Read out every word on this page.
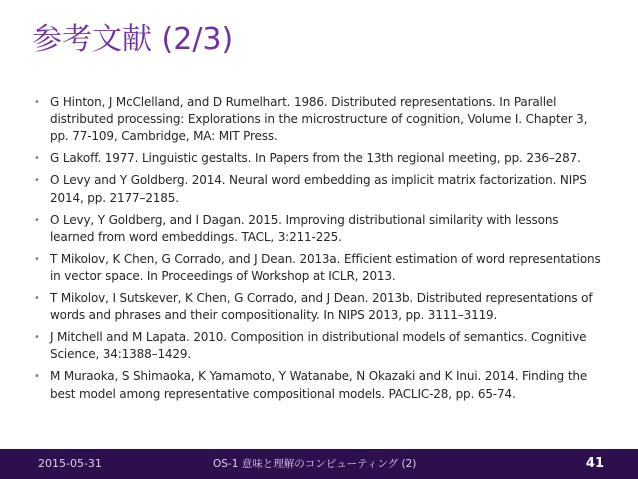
参考文献 (2/3)
• G Hinton, J McClelland, and D Rumelhart. 1986. Distributed representations. In Parallel distributed processing: Explorations in the microstructure of cognition, Volume I. Chapter 3, pp. 77-109, Cambridge, MA: MIT Press.
• G Lakoff. 1977. Linguistic gestalts. In Papers from the 13th regional meeting, pp. 236–287.
• O Levy and Y Goldberg. 2014. Neural word embedding as implicit matrix factorization. NIPS 2014, pp. 2177–2185.
• O Levy, Y Goldberg, and I Dagan. 2015. Improving distributional similarity with lessons learned from word embeddings. TACL, 3:211-225.
• T Mikolov, K Chen, G Corrado, and J Dean. 2013a. Efficient estimation of word representations in vector space. In Proceedings of Workshop at ICLR, 2013.
• T Mikolov, I Sutskever, K Chen, G Corrado, and J Dean. 2013b. Distributed representations of words and phrases and their compositionality. In NIPS 2013, pp. 3111–3119.
• J Mitchell and M Lapata. 2010. Composition in distributional models of semantics. Cognitive Science, 34:1388–1429.
• M Muraoka, S Shimaoka, K Yamamoto, Y Watanabe, N Okazaki and K Inui. 2014. Finding the best model among representative compositional models. PACLIC-28, pp. 65-74.
2015-05-31	OS-1 意味と理解のコンピューティング (2)	41
